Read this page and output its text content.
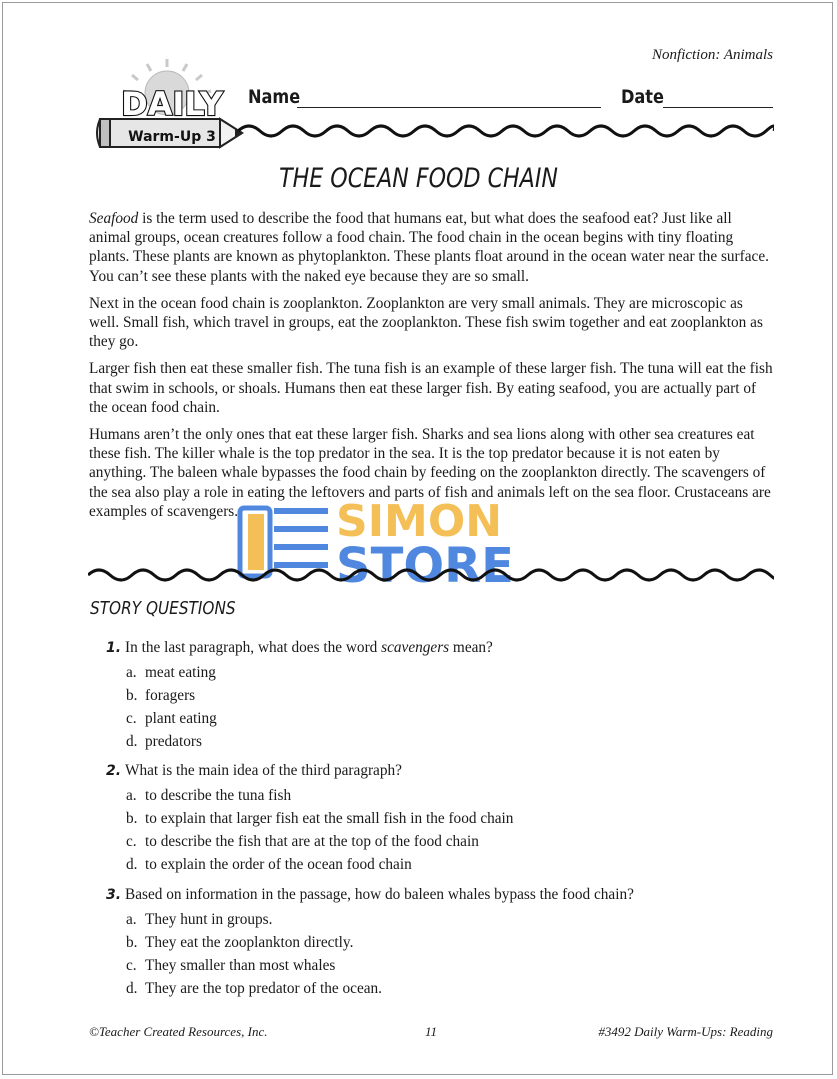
Nonfiction: Animals
DAILY
Warm-Up 3
Name	Date
THE OCEAN FOOD CHAIN

Seafood is the term used to describe the food that humans eat, but what does the seafood eat? Just like all animal groups, ocean creatures follow a food chain. The food chain in the ocean begins with tiny floating plants. These plants are known as phytoplankton. These plants float around in the ocean water near the surface. You can’t see these plants with the naked eye because they are so small.

Next in the ocean food chain is zooplankton. Zooplankton are very small animals. They are microscopic as well. Small fish, which travel in groups, eat the zooplankton. These fish swim together and eat zooplankton as they go.

Larger fish then eat these smaller fish. The tuna fish is an example of these larger fish. The tuna will eat the fish that swim in schools, or shoals. Humans then eat these larger fish. By eating seafood, you are actually part of the ocean food chain.

Humans aren’t the only ones that eat these larger fish. Sharks and sea lions along with other sea creatures eat these fish. The killer whale is the top predator in the sea. It is the top predator because it is not eaten by anything. The baleen whale bypasses the food chain by feeding on the zooplankton directly. The scavengers of the sea also play a role in eating the leftovers and parts of fish and animals left on the sea floor. Crustaceans are examples of scavengers.	SIMON
STORE
STORY QUESTIONS
1. In the last paragraph, what does the word scavengers mean?
a. meat eating
b. foragers
c. plant eating
d. predators
2. What is the main idea of the third paragraph?
a. to describe the tuna fish
b. to explain that larger fish eat the small fish in the food chain
c. to describe the fish that are at the top of the food chain
d. to explain the order of the ocean food chain
3. Based on information in the passage, how do baleen whales bypass the food chain?
a. They hunt in groups.
b. They eat the zooplankton directly.
c. They smaller than most whales
d. They are the top predator of the ocean.
©Teacher Created Resources, Inc.	11	#3492 Daily Warm-Ups: Reading
